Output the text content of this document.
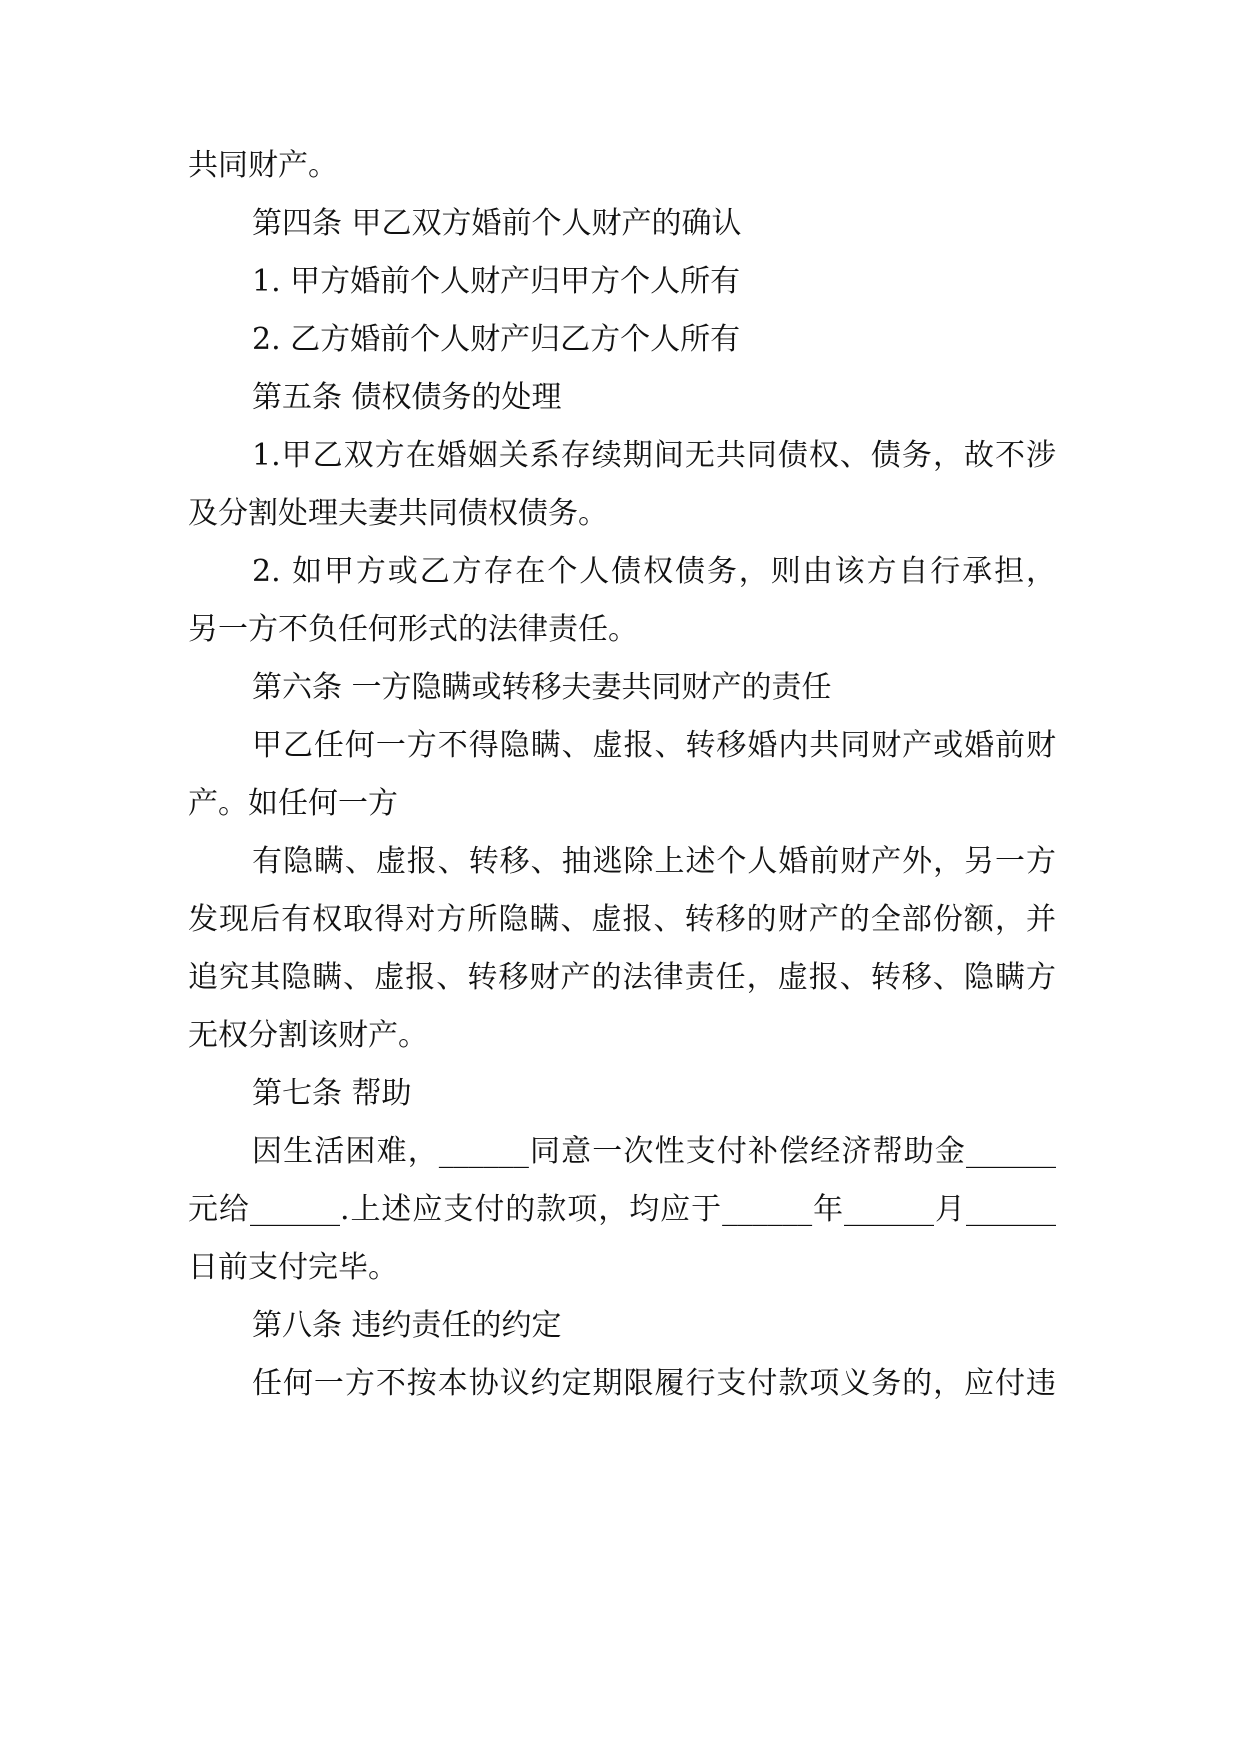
共同财产。
第四条 甲乙双方婚前个人财产的确认
1. 甲方婚前个人财产归甲方个人所有
2. 乙方婚前个人财产归乙方个人所有
第五条 债权债务的处理
1.甲乙双方在婚姻关系存续期间无共同债权、债务，故不涉
及分割处理夫妻共同债权债务。
2. 如甲方或乙方存在个人债权债务，则由该方自行承担，
另一方不负任何形式的法律责任。
第六条 一方隐瞒或转移夫妻共同财产的责任
甲乙任何一方不得隐瞒、虚报、转移婚内共同财产或婚前财
产。如任何一方
有隐瞒、虚报、转移、抽逃除上述个人婚前财产外，另一方
发现后有权取得对方所隐瞒、虚报、转移的财产的全部份额，并
追究其隐瞒、虚报、转移财产的法律责任，虚报、转移、隐瞒方
无权分割该财产。
第七条 帮助
因生活困难，______同意一次性支付补偿经济帮助金______
元给______.上述应支付的款项，均应于______年______月______
日前支付完毕。
第八条 违约责任的约定
任何一方不按本协议约定期限履行支付款项义务的，应付违
